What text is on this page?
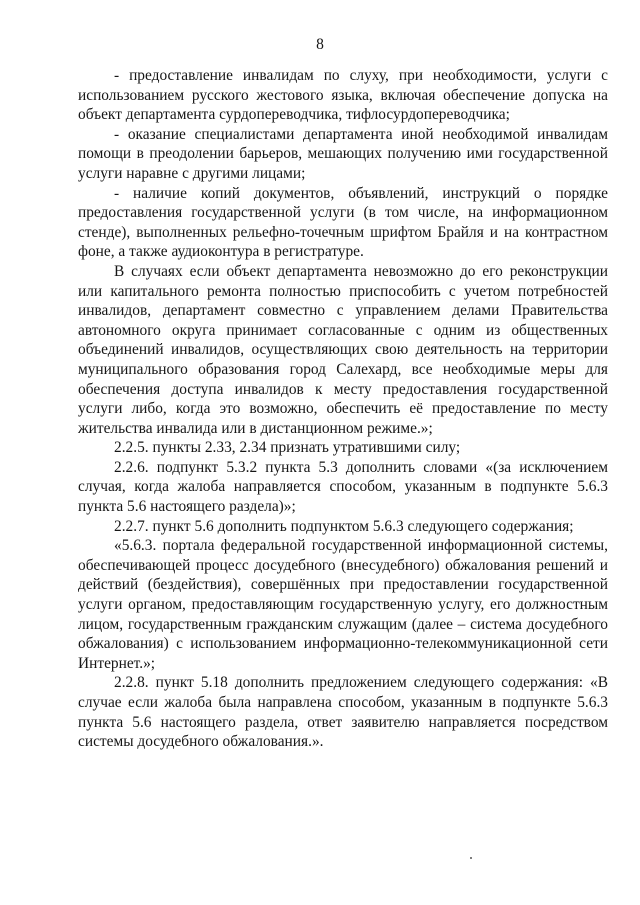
8

- предоставление инвалидам по слуху, при необходимости, услуги с использованием русского жестового языка, включая обеспечение допуска на объект департамента сурдопереводчика, тифлосурдопереводчика;

- оказание специалистами департамента иной необходимой инвалидам помощи в преодолении барьеров, мешающих получению ими государственной услуги наравне с другими лицами;

- наличие копий документов, объявлений, инструкций о порядке предоставления государственной услуги (в том числе, на информационном стенде), выполненных рельефно-точечным шрифтом Брайля и на контрастном фоне, а также аудиоконтура в регистратуре.

В случаях если объект департамента невозможно до его реконструкции или капитального ремонта полностью приспособить с учетом потребностей инвалидов, департамент совместно с управлением делами Правительства автономного округа принимает согласованные с одним из общественных объединений инвалидов, осуществляющих свою деятельность на территории муниципального образования город Салехард, все необходимые меры для обеспечения доступа инвалидов к месту предоставления государственной услуги либо, когда это возможно, обеспечить её предоставление по месту жительства инвалида или в дистанционном режиме.»;

2.2.5. пункты 2.33, 2.34 признать утратившими силу;

2.2.6. подпункт 5.3.2 пункта 5.3 дополнить словами «(за исключением случая, когда жалоба направляется способом, указанным в подпункте 5.6.3 пункта 5.6 настоящего раздела)»;

2.2.7. пункт 5.6 дополнить подпунктом 5.6.3 следующего содержания;

«5.6.3. портала федеральной государственной информационной системы, обеспечивающей процесс досудебного (внесудебного) обжалования решений и действий (бездействия), совершённых при предоставлении государственной услуги органом, предоставляющим государственную услугу, его должностным лицом, государственным гражданским служащим (далее – система досудебного обжалования) с использованием информационно-телекоммуникационной сети Интернет.»;

2.2.8. пункт 5.18 дополнить предложением следующего содержания: «В случае если жалоба была направлена способом, указанным в подпункте 5.6.3 пункта 5.6 настоящего раздела, ответ заявителю направляется посредством системы досудебного обжалования.».
